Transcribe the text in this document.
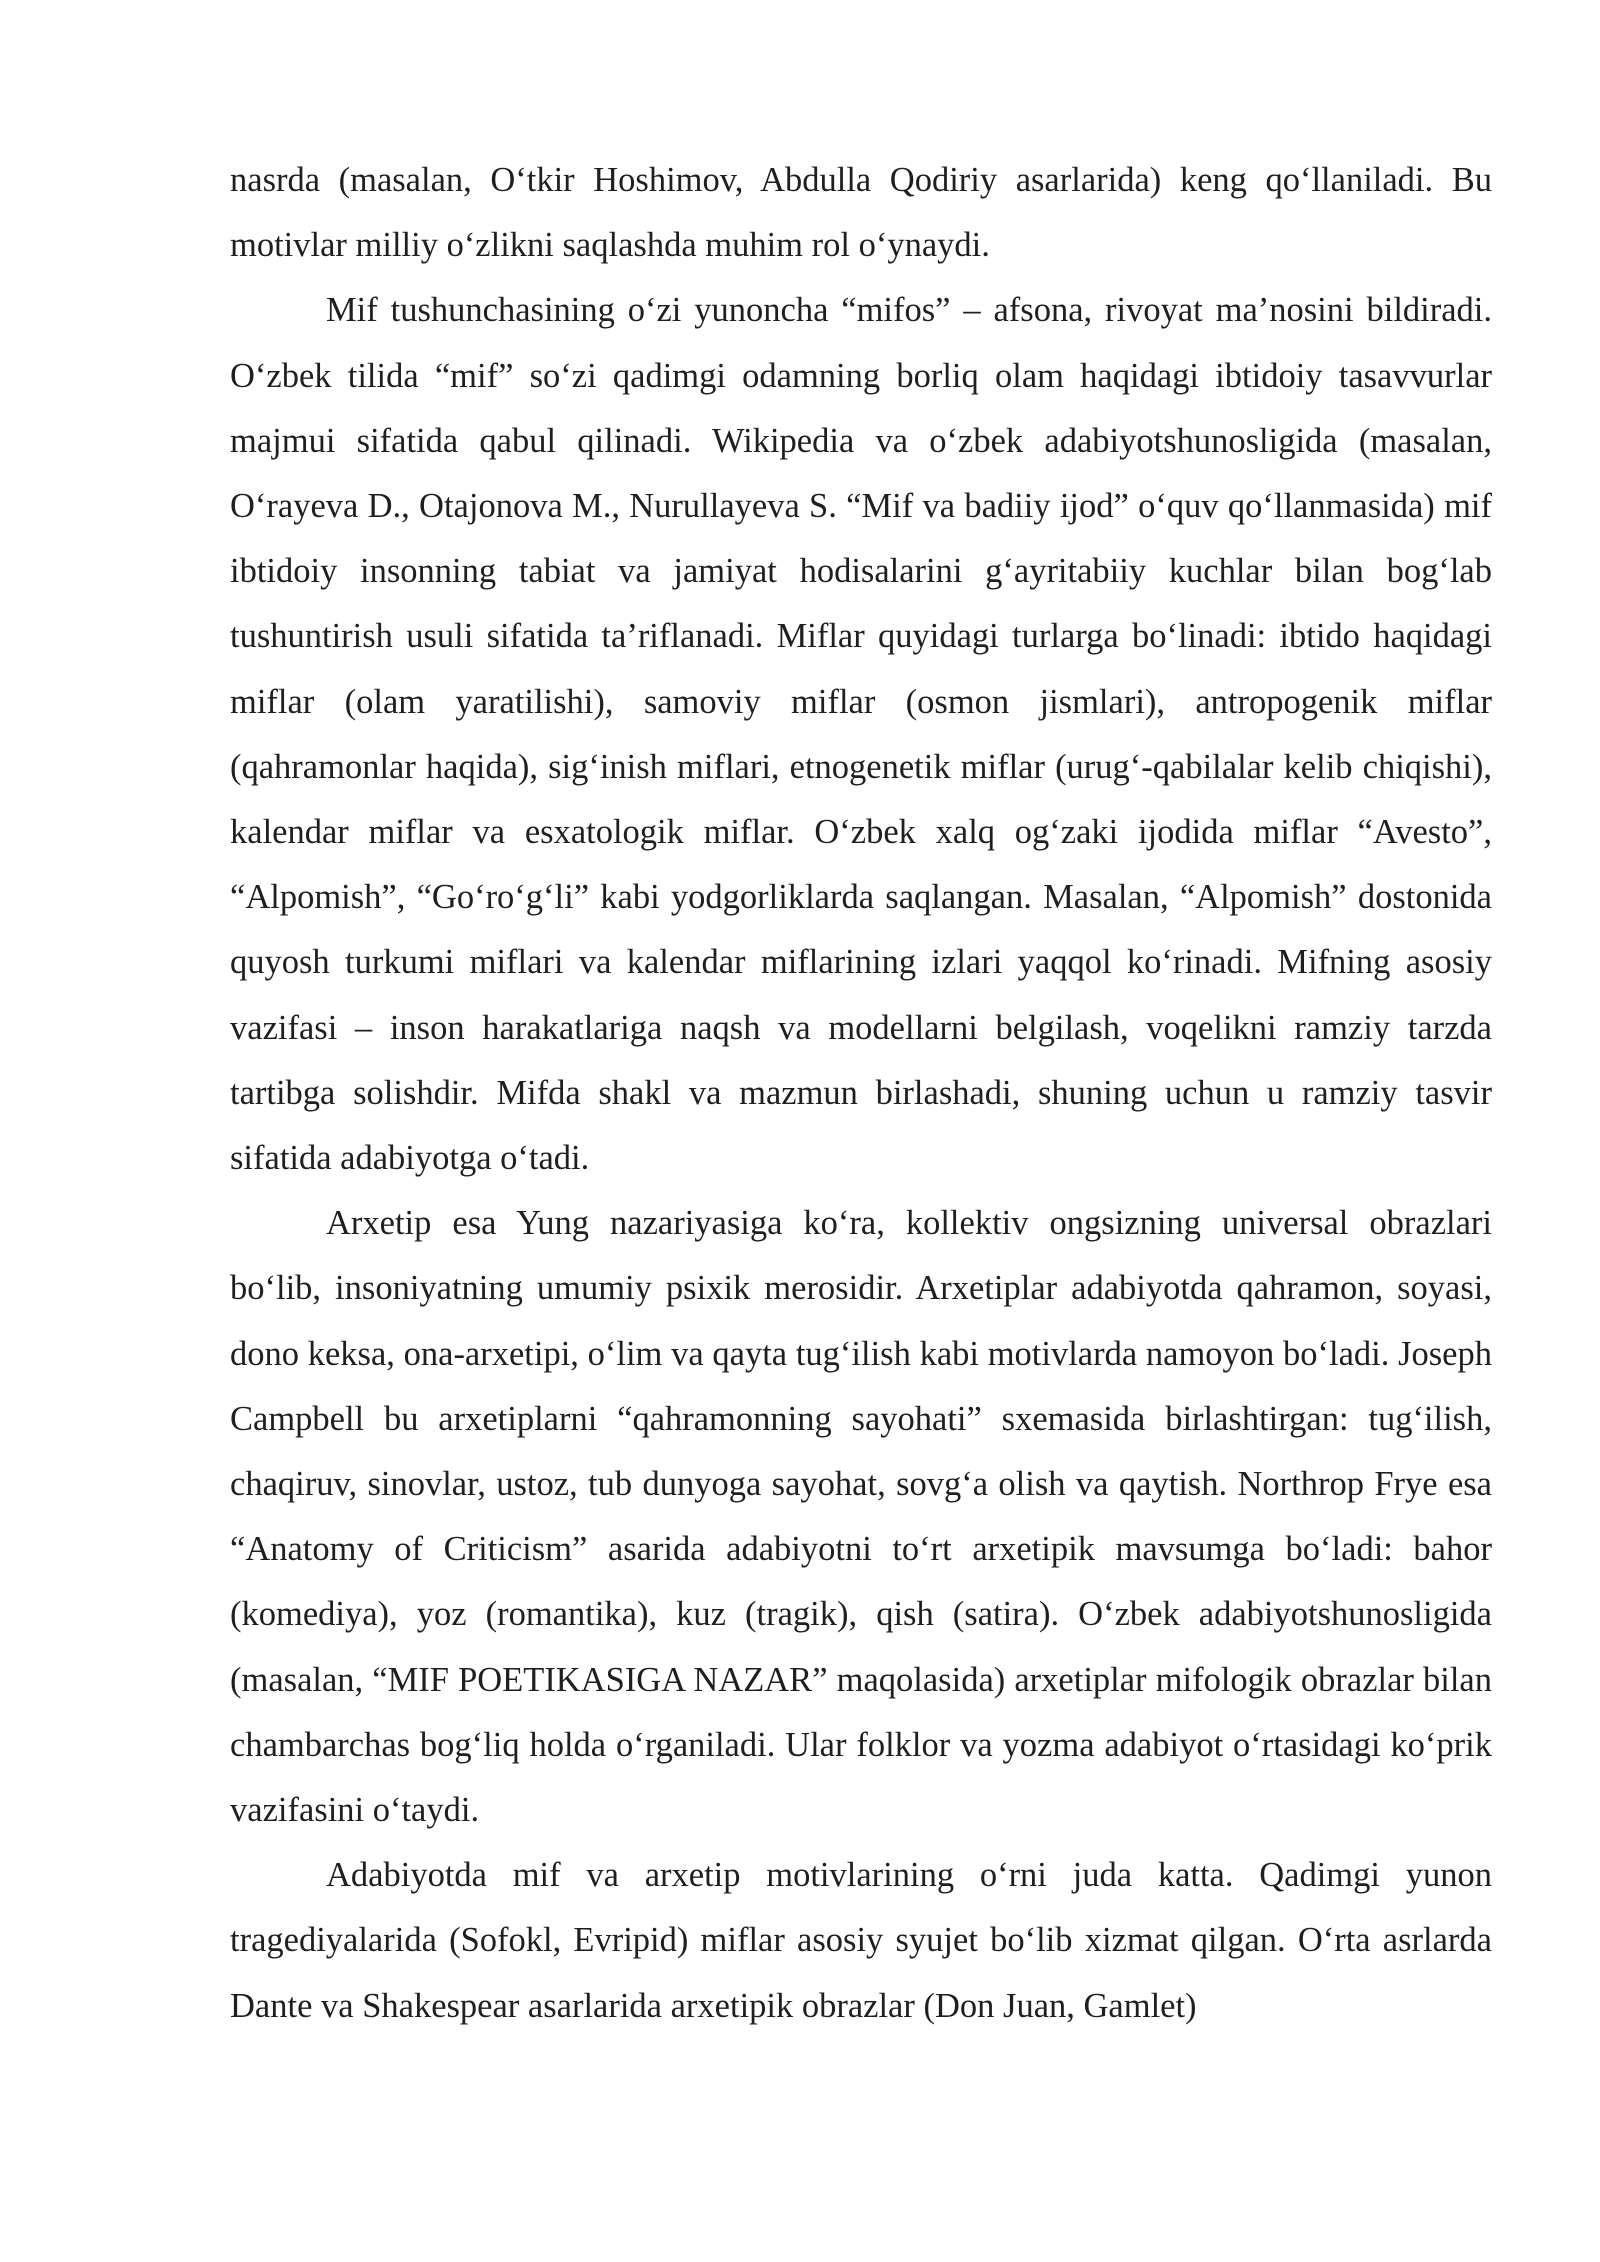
nasrda (masalan, O‘tkir Hoshimov, Abdulla Qodiriy asarlarida) keng qo‘llaniladi. Bu motivlar milliy o‘zlikni saqlashda muhim rol o‘ynaydi.

Mif tushunchasining o‘zi yunoncha “mifos” – afsona, rivoyat ma’nosini bildiradi. O‘zbek tilida “mif” so‘zi qadimgi odamning borliq olam haqidagi ibtidoiy tasavvurlar majmui sifatida qabul qilinadi. Wikipedia va o‘zbek adabiyotshunosligida (masalan, O‘rayeva D., Otajonova M., Nurullayeva S. “Mif va badiiy ijod” o‘quv qo‘llanmasida) mif ibtidoiy insonning tabiat va jamiyat hodisalarini g‘ayritabiiy kuchlar bilan bog‘lab tushuntirish usuli sifatida ta’riflanadi. Miflar quyidagi turlarga bo‘linadi: ibtido haqidagi miflar (olam yaratilishi), samoviy miflar (osmon jismlari), antropogenik miflar (qahramonlar haqida), sig‘inish miflari, etnogenetik miflar (urug‘-qabilalar kelib chiqishi), kalendar miflar va esxatologik miflar. O‘zbek xalq og‘zaki ijodida miflar “Avesto”, “Alpomish”, “Go‘ro‘g‘li” kabi yodgorliklarda saqlangan. Masalan, “Alpomish” dostonida quyosh turkumi miflari va kalendar miflarining izlari yaqqol ko‘rinadi. Mifning asosiy vazifasi – inson harakatlariga naqsh va modellarni belgilash, voqelikni ramziy tarzda tartibga solishdir. Mifda shakl va mazmun birlashadi, shuning uchun u ramziy tasvir sifatida adabiyotga o‘tadi.

Arxetip esa Yung nazariyasiga ko‘ra, kollektiv ongsizning universal obrazlari bo‘lib, insoniyatning umumiy psixik merosidir. Arxetiplar adabiyotda qahramon, soyasi, dono keksa, ona-arxetipi, o‘lim va qayta tug‘ilish kabi motivlarda namoyon bo‘ladi. Joseph Campbell bu arxetiplarni “qahramonning sayohati” sxemasida birlashtirgan: tug‘ilish, chaqiruv, sinovlar, ustoz, tub dunyoga sayohat, sovg‘a olish va qaytish. Northrop Frye esa “Anatomy of Criticism” asarida adabiyotni to‘rt arxetipik mavsumga bo‘ladi: bahor (komediya), yoz (romantika), kuz (tragik), qish (satira). O‘zbek adabiyotshunosligida (masalan, “MIF POETIKASIGA NAZAR” maqolasida) arxetiplar mifologik obrazlar bilan chambarchas bog‘liq holda o‘rganiladi. Ular folklor va yozma adabiyot o‘rtasidagi ko‘prik vazifasini o‘taydi.

Adabiyotda mif va arxetip motivlarining o‘rni juda katta. Qadimgi yunon tragediyalarida (Sofokl, Evripid) miflar asosiy syujet bo‘lib xizmat qilgan. O‘rta asrlarda Dante va Shakespear asarlarida arxetipik obrazlar (Don Juan, Gamlet)
